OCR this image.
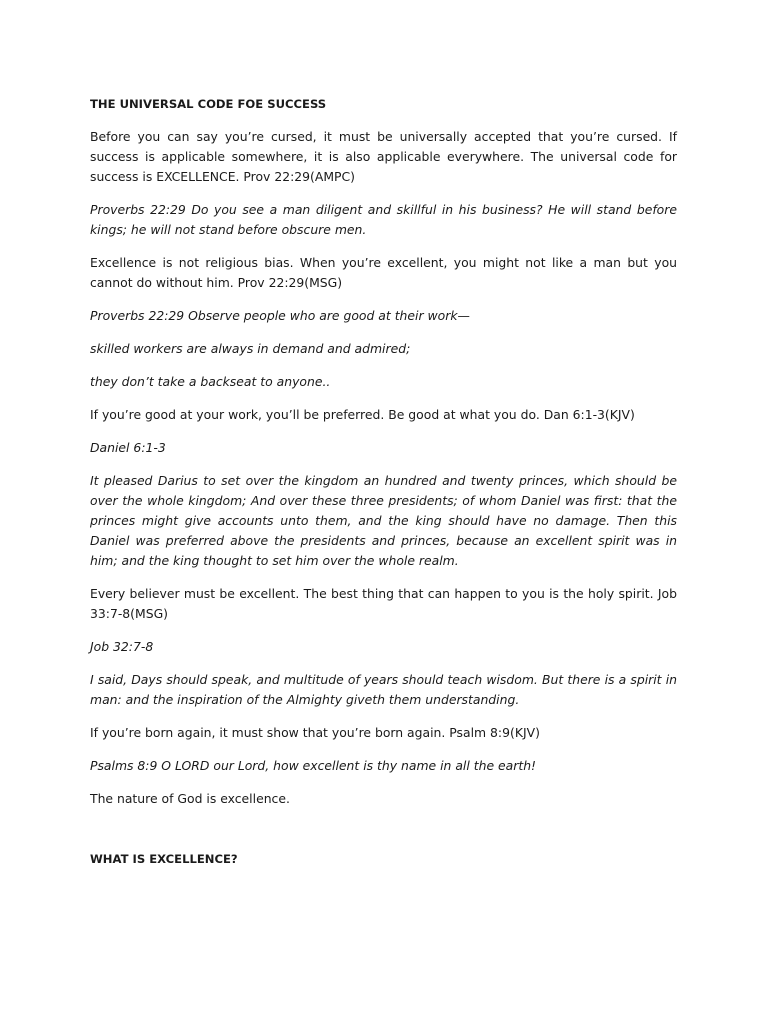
THE UNIVERSAL CODE FOE SUCCESS

Before you can say you’re cursed, it must be universally accepted that you’re cursed. If success is applicable somewhere, it is also applicable everywhere. The universal code for success is EXCELLENCE. Prov 22:29(AMPC)

Proverbs 22:29 Do you see a man diligent and skillful in his business? He will stand before kings; he will not stand before obscure men.

Excellence is not religious bias. When you’re excellent, you might not like a man but you cannot do without him. Prov 22:29(MSG)

Proverbs 22:29 Observe people who are good at their work—

skilled workers are always in demand and admired;

they don’t take a backseat to anyone..

If you’re good at your work, you’ll be preferred. Be good at what you do. Dan 6:1-3(KJV)

Daniel 6:1-3

It pleased Darius to set over the kingdom an hundred and twenty princes, which should be over the whole kingdom; And over these three presidents; of whom Daniel was first: that the princes might give accounts unto them, and the king should have no damage. Then this Daniel was preferred above the presidents and princes, because an excellent spirit was in him; and the king thought to set him over the whole realm.

Every believer must be excellent. The best thing that can happen to you is the holy spirit. Job 33:7-8(MSG)

Job 32:7-8

I said, Days should speak, and multitude of years should teach wisdom. But there is a spirit in man: and the inspiration of the Almighty giveth them understanding.

If you’re born again, it must show that you’re born again. Psalm 8:9(KJV)

Psalms 8:9 O LORD our Lord, how excellent is thy name in all the earth!

The nature of God is excellence.

WHAT IS EXCELLENCE?
